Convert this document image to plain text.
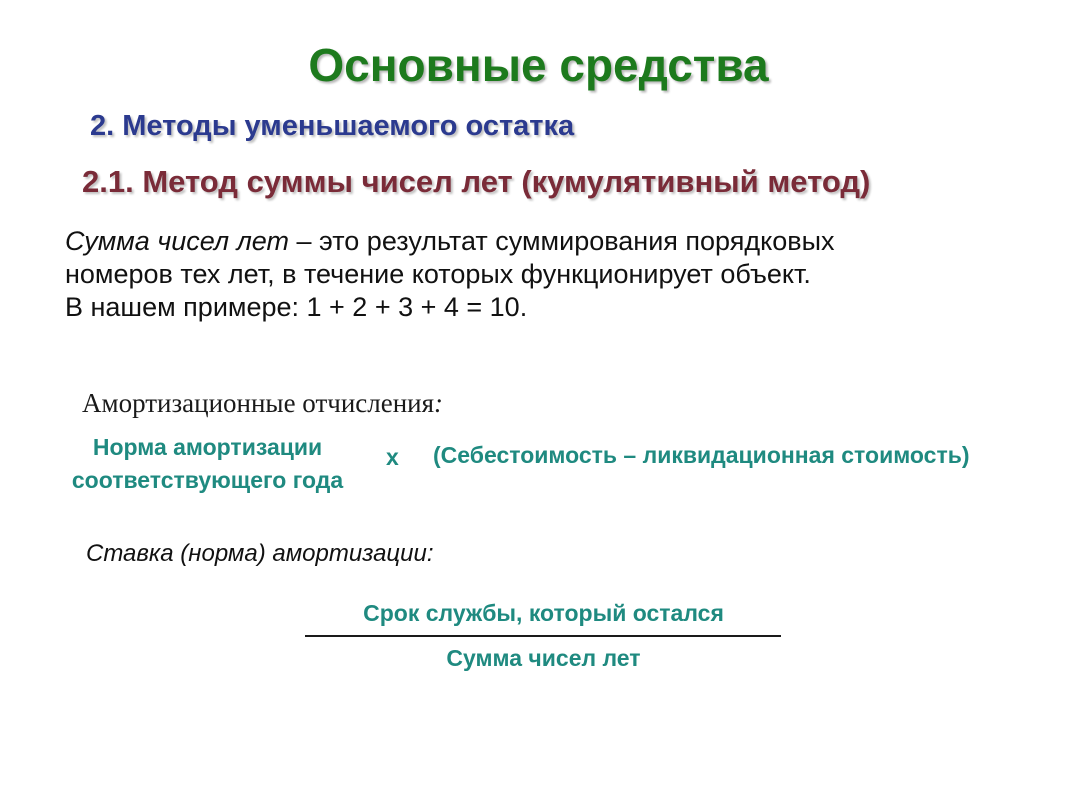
Основные средства
2. Методы уменьшаемого остатка
2.1. Метод суммы чисел лет (кумулятивный метод)
Сумма чисел лет – это результат суммирования порядковых
номеров тех лет, в течение которых функционирует объект.
В нашем примере: 1 + 2 + 3 + 4 = 10.
Амортизационные отчисления:
Норма амортизации
соответствующего года
x (Себестоимость – ликвидационная стоимость)
Ставка (норма) амортизации:
Срок службы, который остался
Сумма чисел лет
